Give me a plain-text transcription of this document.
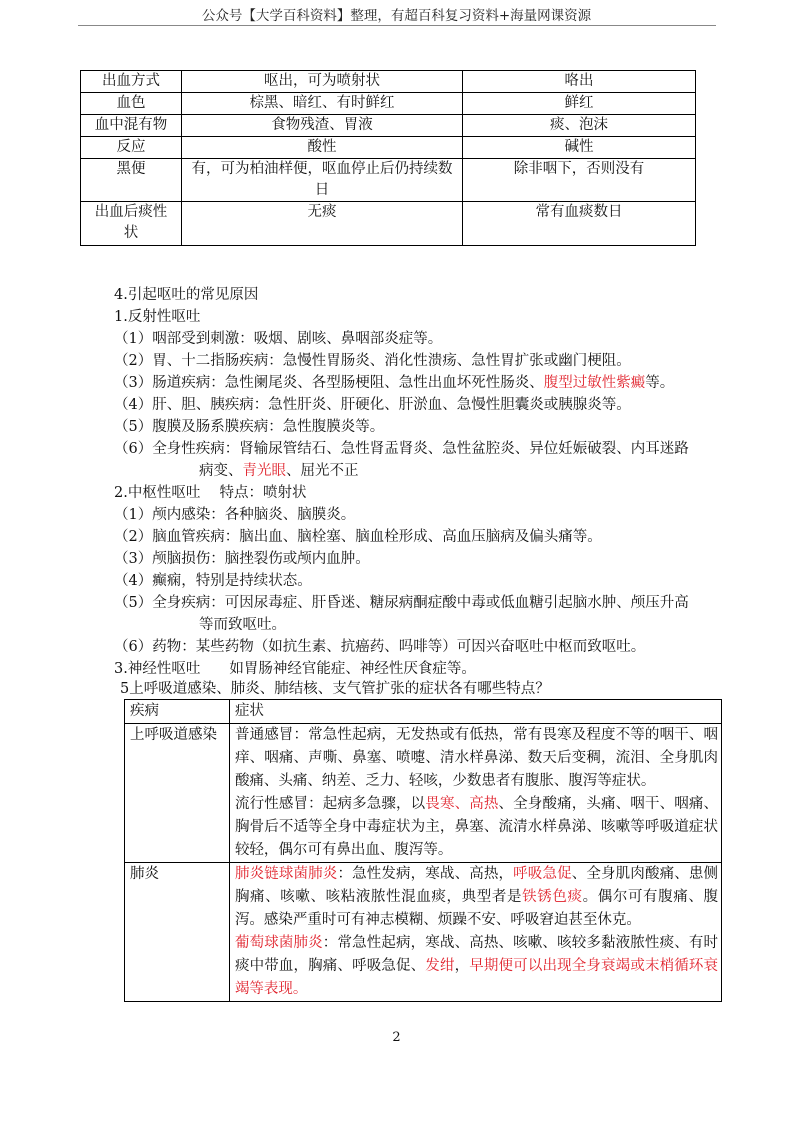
公众号【大学百科资料】整理，有超百科复习资料+海量网课资源
出血方式	呕出，可为喷射状	咯出
血色	棕黑、暗红、有时鲜红	鲜红
血中混有物	食物残渣、胃液	痰、泡沫
反应	酸性	碱性
黑便	有，可为柏油样便，呕血停止后仍持续数日	除非咽下，否则没有
出血后痰性状	无痰	常有血痰数日
4.引起呕吐的常见原因
1.反射性呕吐
（1）咽部受到刺激：吸烟、剧咳、鼻咽部炎症等。
（2）胃、十二指肠疾病：急慢性胃肠炎、消化性溃疡、急性胃扩张或幽门梗阻。
（3）肠道疾病：急性阑尾炎、各型肠梗阻、急性出血坏死性肠炎、腹型过敏性紫癜等。
（4）肝、胆、胰疾病：急性肝炎、肝硬化、肝淤血、急慢性胆囊炎或胰腺炎等。
（5）腹膜及肠系膜疾病：急性腹膜炎等。
（6）全身性疾病：肾输尿管结石、急性肾盂肾炎、急性盆腔炎、异位妊娠破裂、内耳迷路
病变、青光眼、屈光不正
2.中枢性呕吐　 特点：喷射状
（1）颅内感染：各种脑炎、脑膜炎。
（2）脑血管疾病：脑出血、脑栓塞、脑血栓形成、高血压脑病及偏头痛等。
（3）颅脑损伤：脑挫裂伤或颅内血肿。
（4）癫痫，特别是持续状态。
（5）全身疾病：可因尿毒症、肝昏迷、糖尿病酮症酸中毒或低血糖引起脑水肿、颅压升高
等而致呕吐。
（6）药物：某些药物（如抗生素、抗癌药、吗啡等）可因兴奋呕吐中枢而致呕吐。
3.神经性呕吐　　如胃肠神经官能症、神经性厌食症等。
5上呼吸道感染、肺炎、肺结核、支气管扩张的症状各有哪些特点？
疾病	症状
上呼吸道感染	普通感冒：常急性起病，无发热或有低热，常有畏寒及程度不等的咽干、咽痒、咽痛、声嘶、鼻塞、喷嚏、清水样鼻涕、数天后变稠，流泪、全身肌肉酸痛、头痛、纳差、乏力、轻咳，少数患者有腹胀、腹泻等症状。

流行性感冒：起病多急骤，以畏寒、高热、全身酸痛，头痛、咽干、咽痛、胸骨后不适等全身中毒症状为主，鼻塞、流清水样鼻涕、咳嗽等呼吸道症状较轻，偶尔可有鼻出血、腹泻等。

肺炎	肺炎链球菌肺炎：急性发病，寒战、高热，呼吸急促、全身肌肉酸痛、患侧胸痛、咳嗽、咳粘液脓性混血痰，典型者是铁锈色痰。偶尔可有腹痛、腹泻。感染严重时可有神志模糊、烦躁不安、呼吸窘迫甚至休克。

葡萄球菌肺炎：常急性起病，寒战、高热、咳嗽、咳较多黏液脓性痰、有时痰中带血，胸痛、呼吸急促、发绀，早期便可以出现全身衰竭或末梢循环衰竭等表现。

2
